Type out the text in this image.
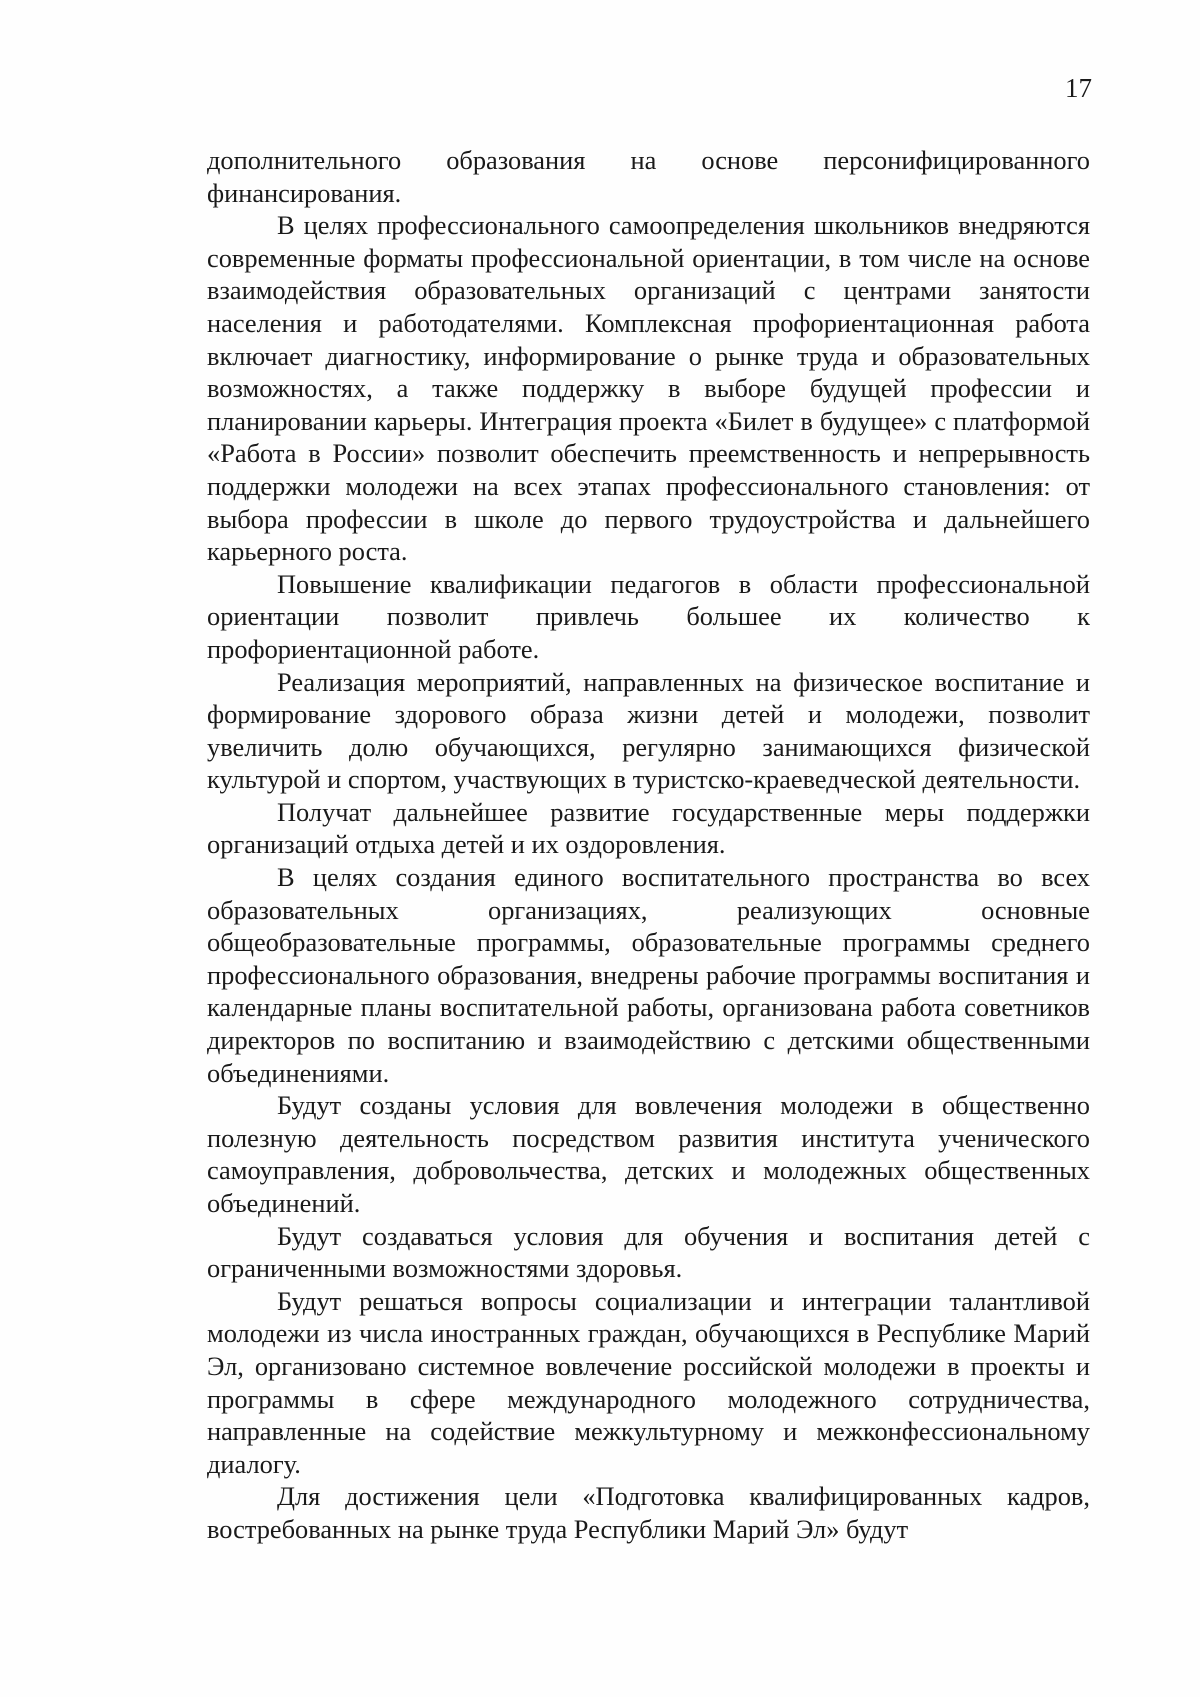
17

дополнительного образования на основе персонифицированного финансирования.

В целях профессионального самоопределения школьников внедряются современные форматы профессиональной ориентации, в том числе на основе взаимодействия образовательных организаций с центрами занятости населения и работодателями. Комплексная профориентационная работа включает диагностику, информирование о рынке труда и образовательных возможностях, а также поддержку в выборе будущей профессии и планировании карьеры. Интеграция проекта «Билет в будущее» с платформой «Работа в России» позволит обеспечить преемственность и непрерывность поддержки молодежи на всех этапах профессионального становления: от выбора профессии в школе до первого трудоустройства и дальнейшего карьерного роста.

Повышение квалификации педагогов в области профессиональной ориентации позволит привлечь большее их количество к профориентационной работе.

Реализация мероприятий, направленных на физическое воспитание и формирование здорового образа жизни детей и молодежи, позволит увеличить долю обучающихся, регулярно занимающихся физической культурой и спортом, участвующих в туристско-краеведческой деятельности.

Получат дальнейшее развитие государственные меры поддержки организаций отдыха детей и их оздоровления.

В целях создания единого воспитательного пространства во всех образовательных организациях, реализующих основные общеобразовательные программы, образовательные программы среднего профессионального образования, внедрены рабочие программы воспитания и календарные планы воспитательной работы, организована работа советников директоров по воспитанию и взаимодействию с детскими общественными объединениями.

Будут созданы условия для вовлечения молодежи в общественно полезную деятельность посредством развития института ученического самоуправления, добровольчества, детских и молодежных общественных объединений.

Будут создаваться условия для обучения и воспитания детей с ограниченными возможностями здоровья.

Будут решаться вопросы социализации и интеграции талантливой молодежи из числа иностранных граждан, обучающихся в Республике Марий Эл, организовано системное вовлечение российской молодежи в проекты и программы в сфере международного молодежного сотрудничества, направленные на содействие межкультурному и межконфессиональному диалогу.

Для достижения цели «Подготовка квалифицированных кадров, востребованных на рынке труда Республики Марий Эл» будут
